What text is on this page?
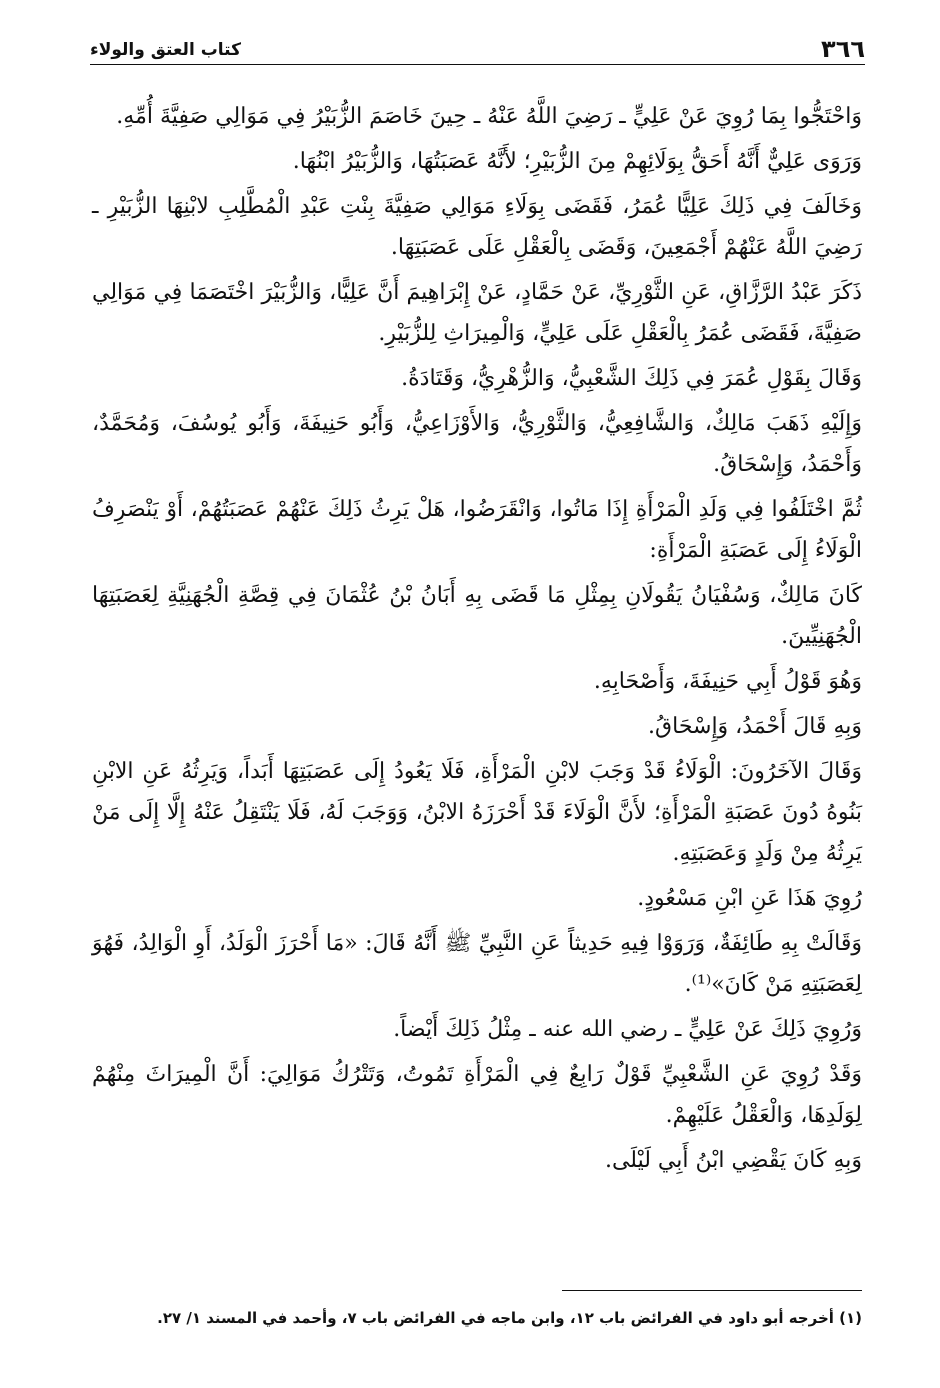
٣٦٦
كتاب العتق والولاء

وَاحْتَجُّوا بِمَا رُوِيَ عَنْ عَلِيٍّ ـ رَضِيَ اللَّهُ عَنْهُ ـ حِينَ خَاصَمَ الزُّبَيْرُ فِي مَوَالِي صَفِيَّةَ أُمِّهِ.

وَرَوَى عَلِيٌّ أَنَّهُ أَحَقُّ بِوَلَائِهِمْ مِنَ الزُّبَيْرِ؛ لأَنَّهُ عَصَبَتُهَا، وَالزُّبَيْرُ ابْنُهَا.

وَخَالَفَ فِي ذَلِكَ عَلِيًّا عُمَرُ، فَقَضَى بِوَلَاءِ مَوَالِي صَفِيَّةَ بِنْتِ عَبْدِ الْمُطَّلِبِ لابْنِهَا الزُّبَيْرِ ـ رَضِيَ اللَّهُ عَنْهُمْ أَجْمَعِينَ، وَقَضَى بِالْعَقْلِ عَلَى عَصَبَتِهَا.

ذَكَرَ عَبْدُ الرَّزَّاقِ، عَنِ الثَّوْرِيِّ، عَنْ حَمَّادٍ، عَنْ إِبْرَاهِيمَ أَنَّ عَلِيًّا، وَالزُّبَيْرَ اخْتَصَمَا فِي مَوَالِي صَفِيَّةَ، فَقَضَى عُمَرُ بِالْعَقْلِ عَلَى عَلِيٍّ، وَالْمِيرَاثِ لِلزُّبَيْرِ.

وَقَالَ بِقَوْلِ عُمَرَ فِي ذَلِكَ الشَّعْبِيُّ، وَالزُّهْرِيُّ، وَقَتَادَةُ.

وَإِلَيْهِ ذَهَبَ مَالِكٌ، وَالشَّافِعِيُّ، وَالثَّوْرِيُّ، وَالأَوْزَاعِيُّ، وَأَبُو حَنِيفَةَ، وَأَبُو يُوسُفَ، وَمُحَمَّدٌ، وَأَحْمَدُ، وَإِسْحَاقُ.

ثُمَّ اخْتَلَفُوا فِي وَلَدِ الْمَرْأَةِ إِذَا مَاتُوا، وَانْقَرَضُوا، هَلْ يَرِثُ ذَلِكَ عَنْهُمْ عَصَبَتُهُمْ، أَوْ يَنْصَرِفُ الْوَلَاءُ إِلَى عَصَبَةِ الْمَرْأَةِ:

كَانَ مَالِكٌ، وَسُفْيَانُ يَقُولَانِ بِمِثْلِ مَا قَضَى بِهِ أَبَانُ بْنُ عُثْمَانَ فِي قِصَّةِ الْجُهَنِيَّةِ لِعَصَبَتِهَا الْجُهَنِيِّينَ.

وَهُوَ قَوْلُ أَبِي حَنِيفَةَ، وَأَصْحَابِهِ.

وَبِهِ قَالَ أَحْمَدُ، وَإِسْحَاقُ.

وَقَالَ الآخَرُونَ: الْوَلَاءُ قَدْ وَجَبَ لابْنِ الْمَرْأَةِ، فَلَا يَعُودُ إِلَى عَصَبَتِهَا أَبَداً، وَيَرِثُهُ عَنِ الابْنِ بَنُوهُ دُونَ عَصَبَةِ الْمَرْأَةِ؛ لأَنَّ الْوَلَاءَ قَدْ أَحْرَزَهُ الابْنُ، وَوَجَبَ لَهُ، فَلَا يَنْتَقِلُ عَنْهُ إِلَّا إِلَى مَنْ يَرِثُهُ مِنْ وَلَدٍ وَعَصَبَتِهِ.

رُوِيَ هَذَا عَنِ ابْنِ مَسْعُودٍ.

وَقَالَتْ بِهِ طَائِفَةٌ، وَرَوَوْا فِيهِ حَدِيثاً عَنِ النَّبِيِّ ﷺ أَنَّهُ قَالَ: «مَا أَحْرَزَ الْوَلَدُ، أَوِ الْوَالِدُ، فَهُوَ لِعَصَبَتِهِ مَنْ كَانَ»⁽¹⁾.

وَرُوِيَ ذَلِكَ عَنْ عَلِيٍّ ـ رضي الله عنه ـ مِثْلُ ذَلِكَ أَيْضاً.

وَقَدْ رُوِيَ عَنِ الشَّعْبِيِّ قَوْلٌ رَابِعٌ فِي الْمَرْأَةِ تَمُوتُ، وَتَتْرُكُ مَوَالِيَ: أَنَّ الْمِيرَاثَ مِنْهُمْ لِوَلَدِهَا، وَالْعَقْلُ عَلَيْهِمْ.

وَبِهِ كَانَ يَقْضِي ابْنُ أَبِي لَيْلَى.

(١) أخرجه أبو داود في الفرائض باب ١٢، وابن ماجه في الفرائض باب ٧، وأحمد في المسند ١/ ٢٧.
